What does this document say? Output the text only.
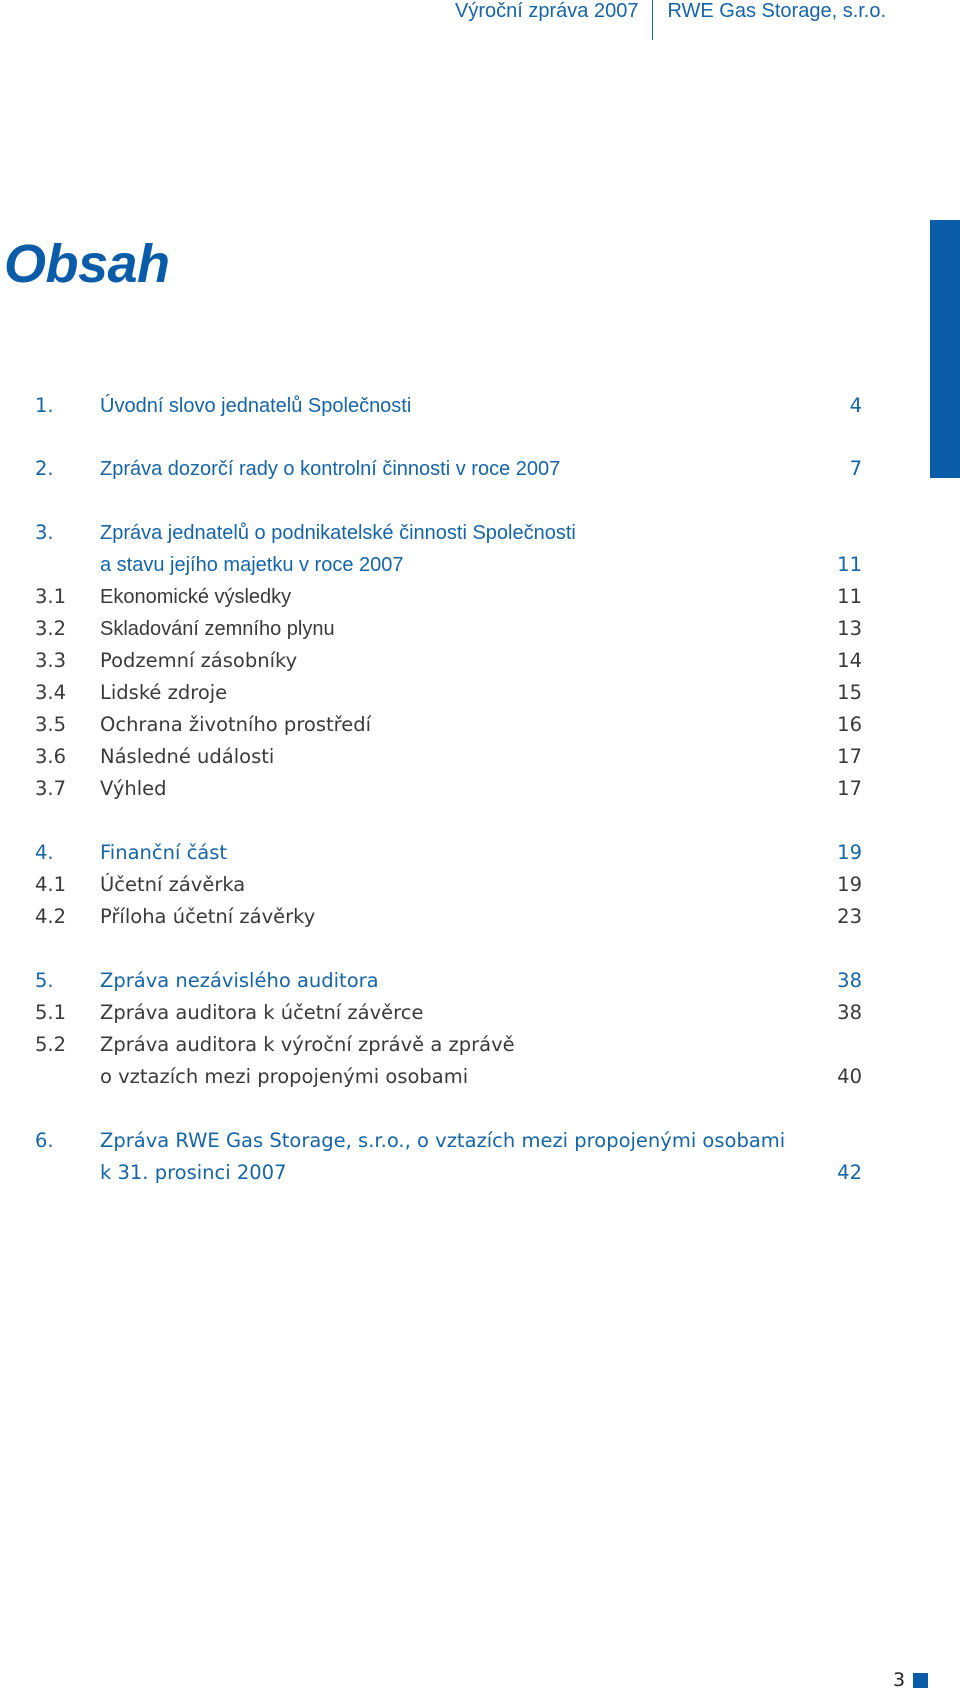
Výroční zpráva 2007 RWE Gas Storage, s.r.o.
Obsah
1. Úvodní slovo jednatelů Společnosti	4
2. Zpráva dozorčí rady o kontrolní činnosti v roce 2007	7
3. Zpráva jednatelů o podnikatelské činnosti Společnosti
a stavu jejího majetku v roce 2007	11
3.1 Ekonomické výsledky	11
3.2 Skladování zemního plynu	13
3.3 Podzemní zásobníky	14
3.4 Lidské zdroje	15
3.5 Ochrana životního prostředí	16
3.6 Následné události	17
3.7 Výhled	17
4. Finanční část	19
4.1 Účetní závěrka	19
4.2 Příloha účetní závěrky	23
5. Zpráva nezávislého auditora	38
5.1 Zpráva auditora k účetní závěrce	38
5.2 Zpráva auditora k výroční zprávě a zprávě
o vztazích mezi propojenými osobami	40
6. Zpráva RWE Gas Storage, s.r.o., o vztazích mezi propojenými osobami
k 31. prosinci 2007	42
3
